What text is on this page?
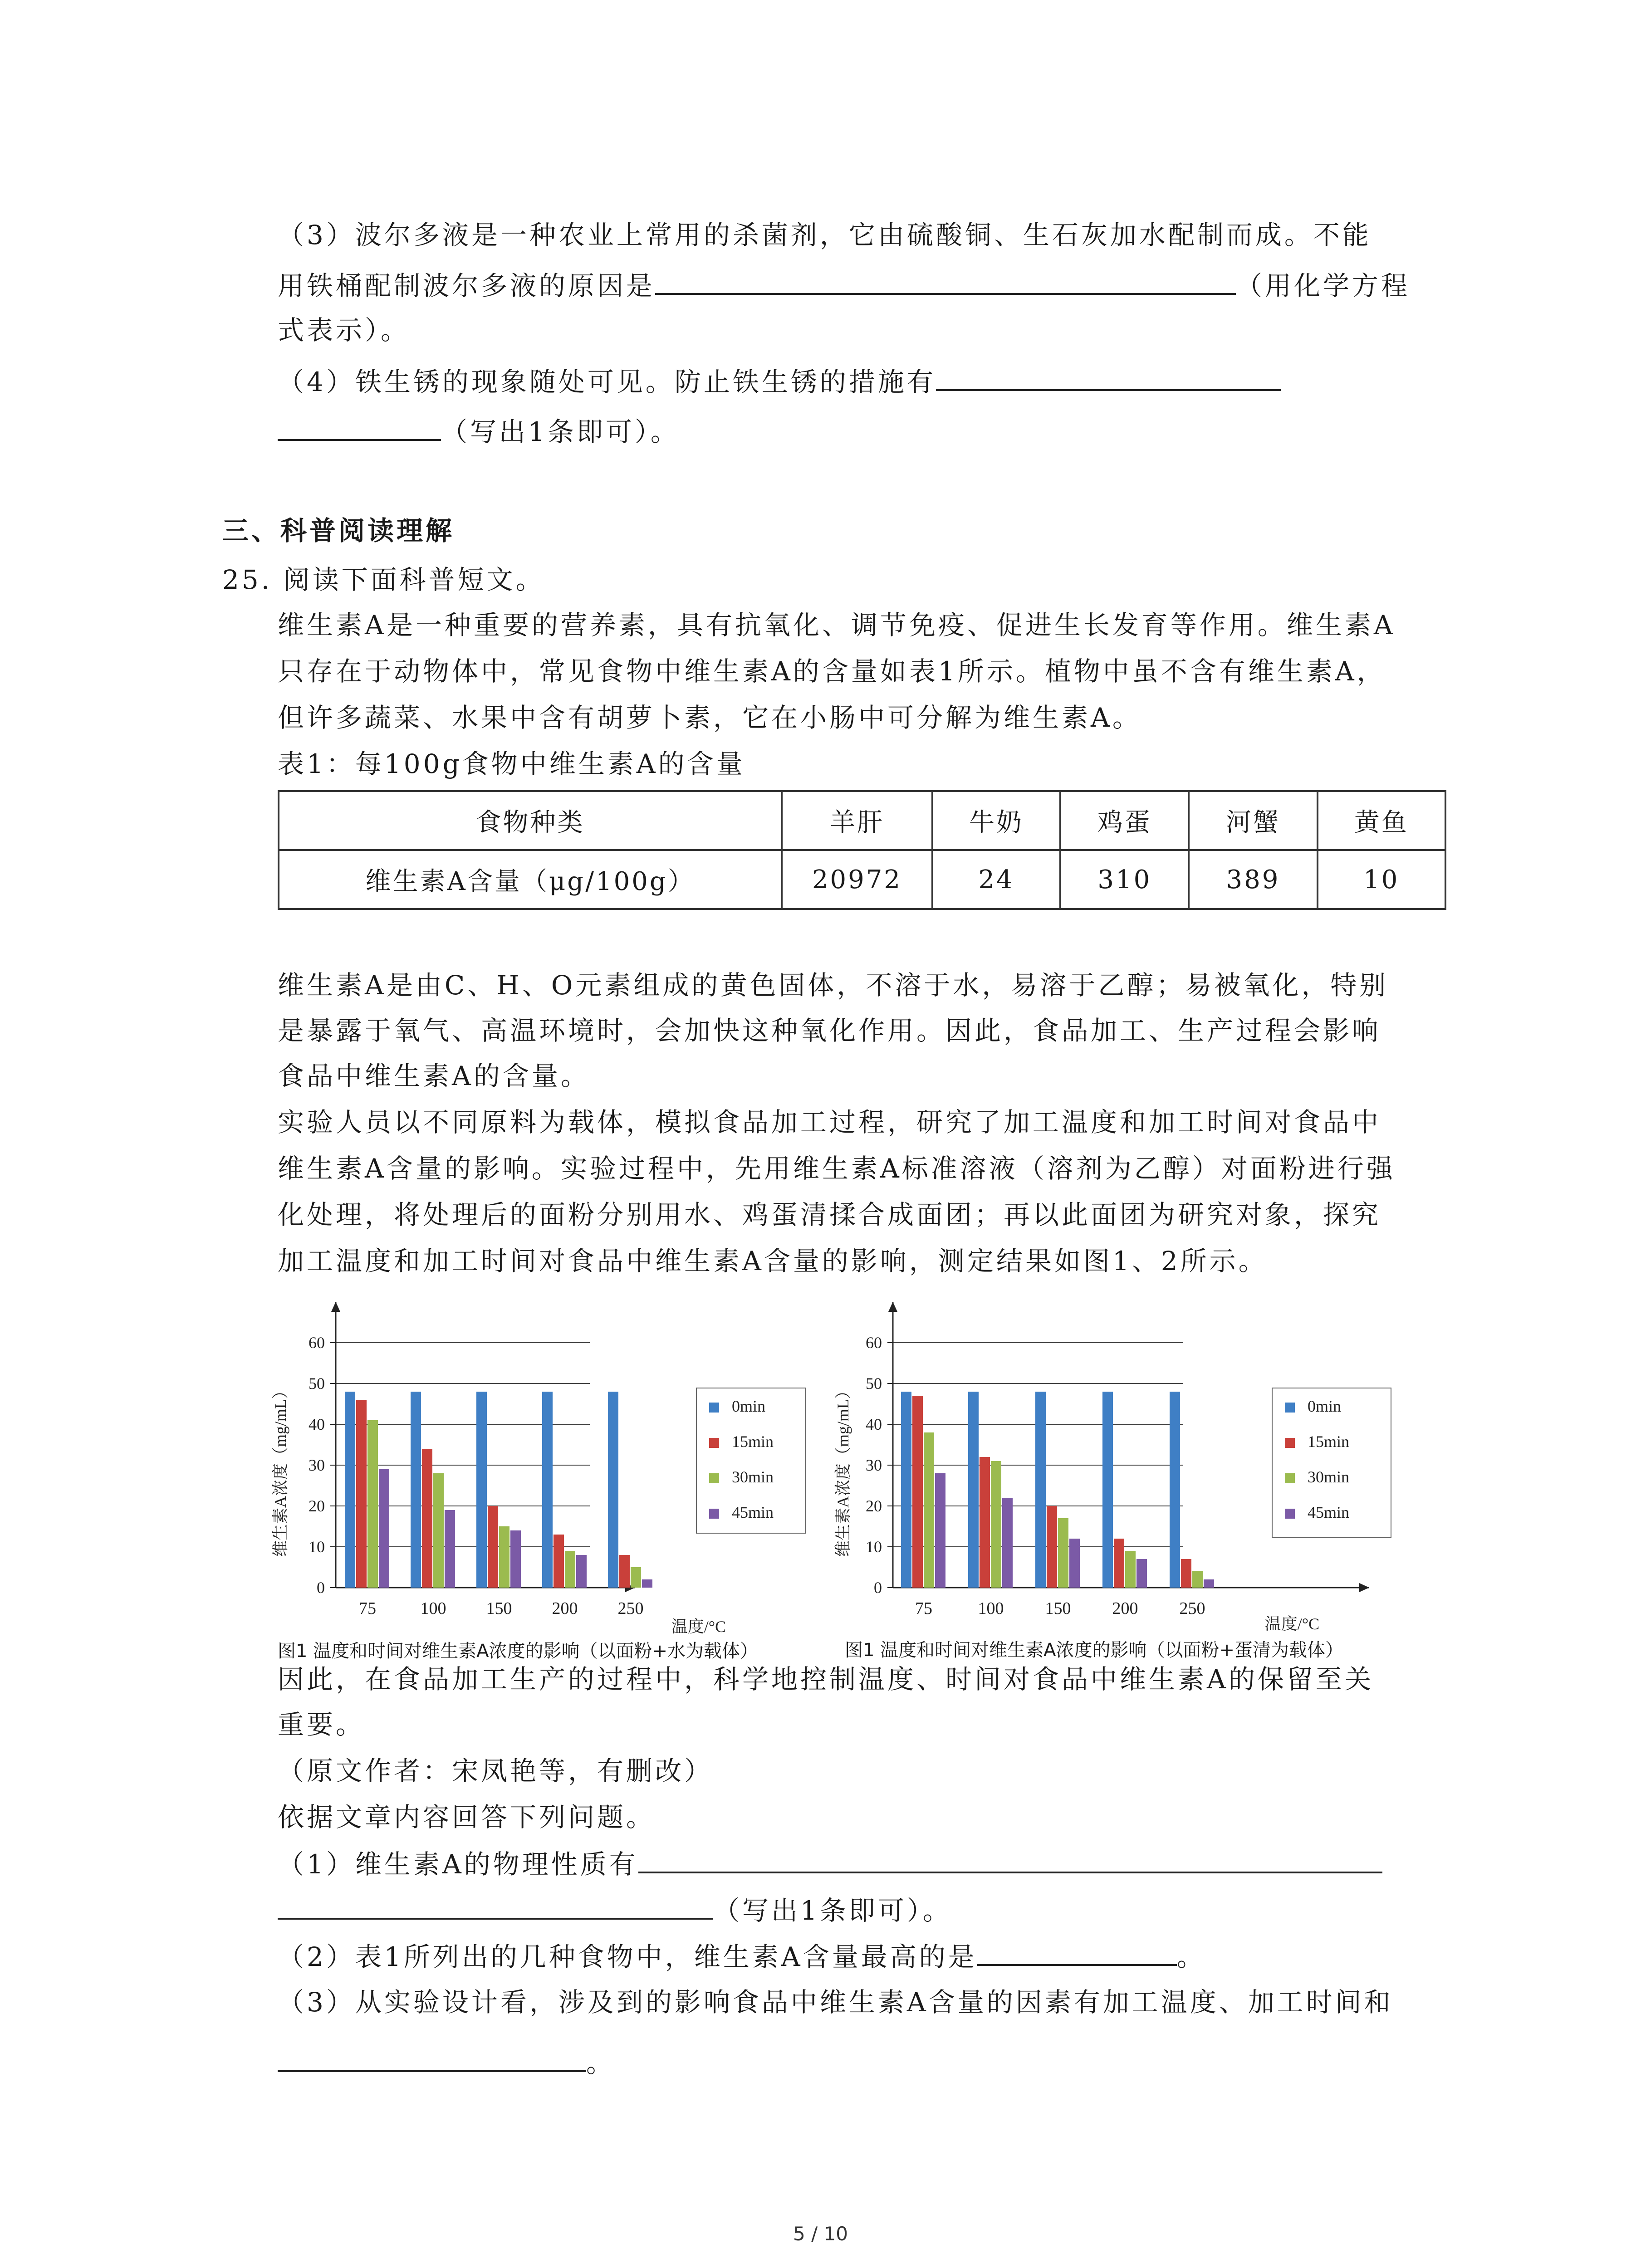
（3）波尔多液是一种农业上常用的杀菌剂，它由硫酸铜、生石灰加水配制而成。不能
用铁桶配制波尔多液的原因是	（用化学方程
式表示）。
（4）铁生锈的现象随处可见。防止铁生锈的措施有
（写出1条即可）。
三、科普阅读理解
25. 阅读下面科普短文。
维生素A是一种重要的营养素，具有抗氧化、调节免疫、促进生长发育等作用。维生素A
只存在于动物体中，常见食物中维生素A的含量如表1所示。植物中虽不含有维生素A，
但许多蔬菜、水果中含有胡萝卜素，它在小肠中可分解为维生素A。
表1：每100g食物中维生素A的含量
食物种类	羊肝	牛奶	鸡蛋	河蟹	黄鱼
维生素A含量（μg/100g）	20972	24	310	389	10
维生素A是由C、H、O元素组成的黄色固体，不溶于水，易溶于乙醇；易被氧化，特别
是暴露于氧气、高温环境时，会加快这种氧化作用。因此，食品加工、生产过程会影响
食品中维生素A的含量。
实验人员以不同原料为载体，模拟食品加工过程，研究了加工温度和加工时间对食品中
维生素A含量的影响。实验过程中，先用维生素A标准溶液（溶剂为乙醇）对面粉进行强
化处理，将处理后的面粉分别用水、鸡蛋清揉合成面团；再以此面团为研究对象，探究
加工温度和加工时间对食品中维生素A含量的影响，测定结果如图1、2所示。
0
10
20
30
40
50
60
75	100 150 200 250
维生素A浓度（mg/mL）
温度/°C
0min
15min
30min
45min
0
10
20
30
40
50
60
75	100 150 200 250
维生素A浓度（mg/mL）
温度/°C
0min
15min
30min
45min
图1 温度和时间对维生素A浓度的影响（以面粉+水为载体）	图1 温度和时间对维生素A浓度的影响（以面粉+蛋清为载体）
因此，在食品加工生产的过程中，科学地控制温度、时间对食品中维生素A的保留至关
重要。
（原文作者：宋凤艳等，有删改）
依据文章内容回答下列问题。
（1）维生素A的物理性质有
（写出1条即可）。
（2）表1所列出的几种食物中，维生素A含量最高的是	。
（3）从实验设计看，涉及到的影响食品中维生素A含量的因素有加工温度、加工时间和
。
5 / 10
